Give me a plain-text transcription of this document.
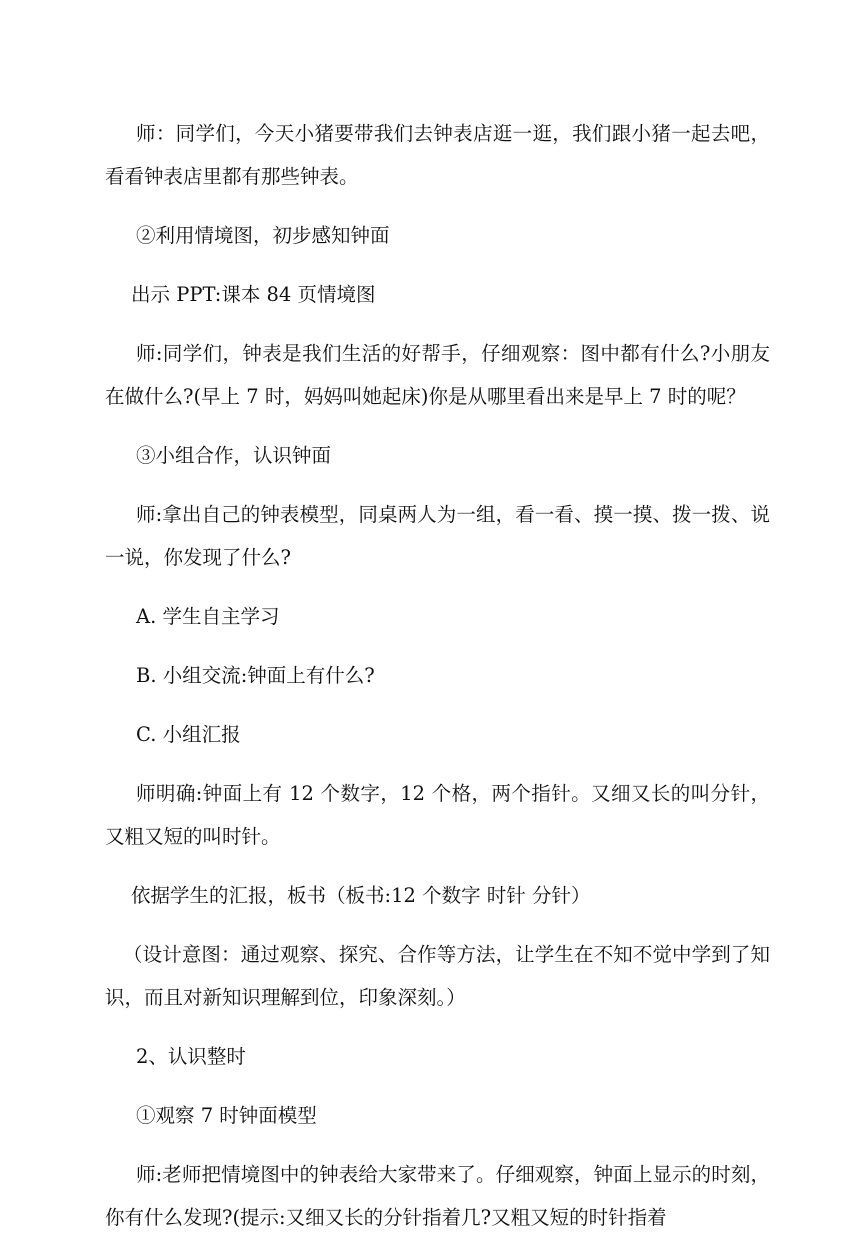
师：同学们，今天小猪要带我们去钟表店逛一逛，我们跟小猪一起去吧，看看钟表店里都有那些钟表。

②利用情境图，初步感知钟面

出示 PPT:课本 84 页情境图

师:同学们，钟表是我们生活的好帮手，仔细观察：图中都有什么?小朋友在做什么?(早上 7 时，妈妈叫她起床)你是从哪里看出来是早上 7 时的呢？

③小组合作，认识钟面

师:拿出自己的钟表模型，同桌两人为一组，看一看、摸一摸、拨一拨、说一说，你发现了什么?

A. 学生自主学习

B. 小组交流:钟面上有什么?

C. 小组汇报

师明确:钟面上有 12 个数字，12 个格，两个指针。又细又长的叫分针，又粗又短的叫时针。

依据学生的汇报，板书（板书:12 个数字 时针 分针）

（设计意图：通过观察、探究、合作等方法，让学生在不知不觉中学到了知识，而且对新知识理解到位，印象深刻。）

2、认识整时

①观察 7 时钟面模型

师:老师把情境图中的钟表给大家带来了。仔细观察，钟面上显示的时刻，你有什么发现?(提示:又细又长的分针指着几?又粗又短的时针指着
